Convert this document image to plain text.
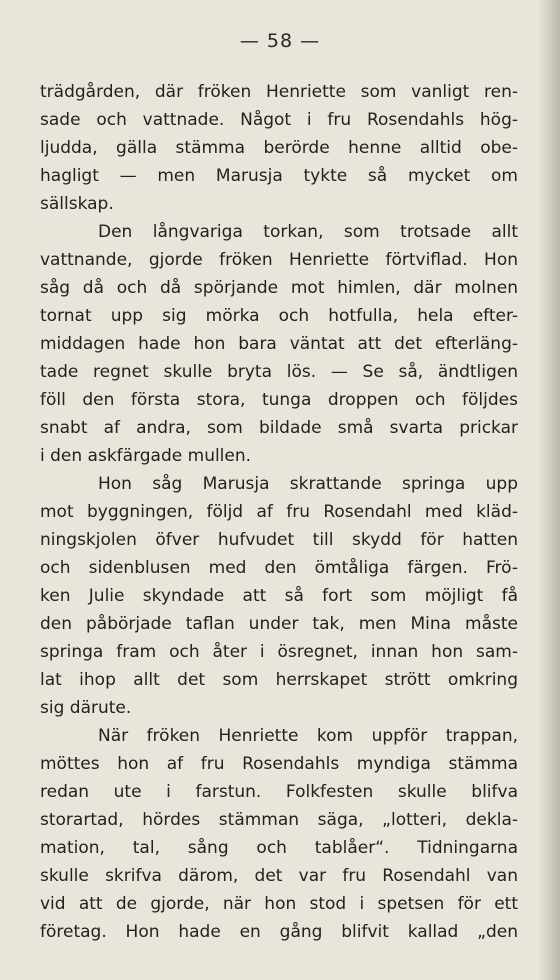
— 58 —
trädgården, där fröken Henriette som vanligt ren-
sade och vattnade. Något i fru Rosendahls hög-
ljudda, gälla stämma berörde henne alltid obe-
hagligt — men Marusja tykte så mycket om
sällskap.
Den långvariga torkan, som trotsade allt
vattnande, gjorde fröken Henriette förtviflad. Hon
såg då och då spörjande mot himlen, där molnen
tornat upp sig mörka och hotfulla, hela efter-
middagen hade hon bara väntat att det efterläng-
tade regnet skulle bryta lös. — Se så, ändtligen
föll den första stora, tunga droppen och följdes
snabt af andra, som bildade små svarta prickar
i den askfärgade mullen.
Hon såg Marusja skrattande springa upp
mot byggningen, följd af fru Rosendahl med kläd-
ningskjolen öfver hufvudet till skydd för hatten
och sidenblusen med den ömtåliga färgen. Frö-
ken Julie skyndade att så fort som möjligt få
den påbörjade taflan under tak, men Mina måste
springa fram och åter i ösregnet, innan hon sam-
lat ihop allt det som herrskapet strött omkring
sig därute.
När fröken Henriette kom uppför trappan,
möttes hon af fru Rosendahls myndiga stämma
redan ute i farstun. Folkfesten skulle blifva
storartad, hördes stämman säga, „lotteri, dekla-
mation, tal, sång och tablåer“. Tidningarna
skulle skrifva därom, det var fru Rosendahl van
vid att de gjorde, när hon stod i spetsen för ett
företag. Hon hade en gång blifvit kallad „den
